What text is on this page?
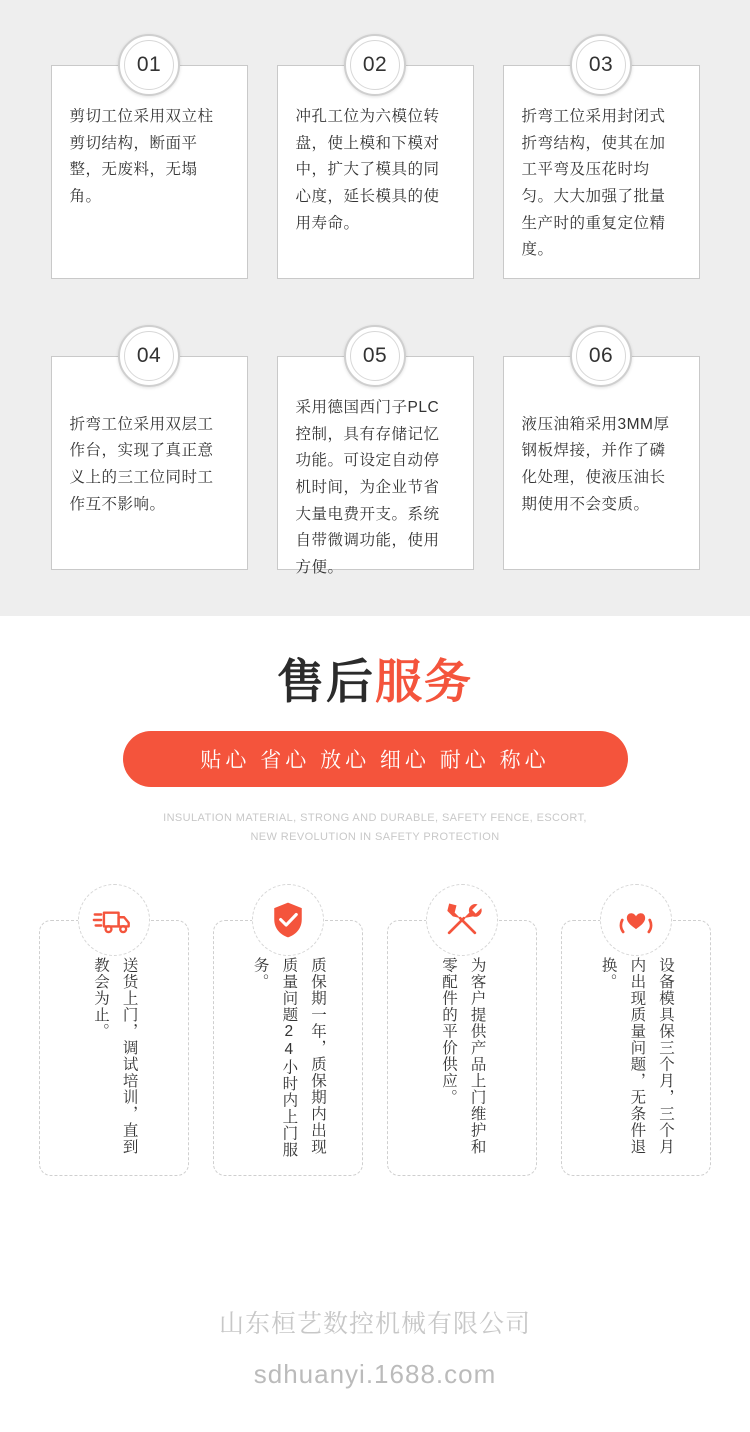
01
剪切工位采用双立柱剪切结构，断面平整，无废料，无塌角。
02
冲孔工位为六模位转盘，使上模和下模对中，扩大了模具的同心度，延长模具的使用寿命。
03
折弯工位采用封闭式折弯结构，使其在加工平弯及压花时均匀。大大加强了批量生产时的重复定位精度。
04
折弯工位采用双层工作台，实现了真正意义上的三工位同时工作互不影响。
05
采用德国西门子PLC控制，具有存储记忆功能。可设定自动停机时间，为企业节省大量电费开支。系统自带微调功能，使用方便。
06
液压油箱采用3MM厚钢板焊接，并作了磷化处理，使液压油长期使用不会变质。
售后服务
贴心 省心 放心 细心 耐心 称心
INSULATION MATERIAL, STRONG AND DURABLE, SAFETY FENCE, ESCORT,
NEW REVOLUTION IN SAFETY PROTECTION
送货上门，调试培训，直到教会为止。	质保期一年，质保期内出现质量问题24小时内上门服务。	为客户提供产品上门维护和零配件的平价供应。	设备模具保三个月，三个月内出现质量问题，无条件退换。
山东桓艺数控机械有限公司
sdhuanyi.1688.com
